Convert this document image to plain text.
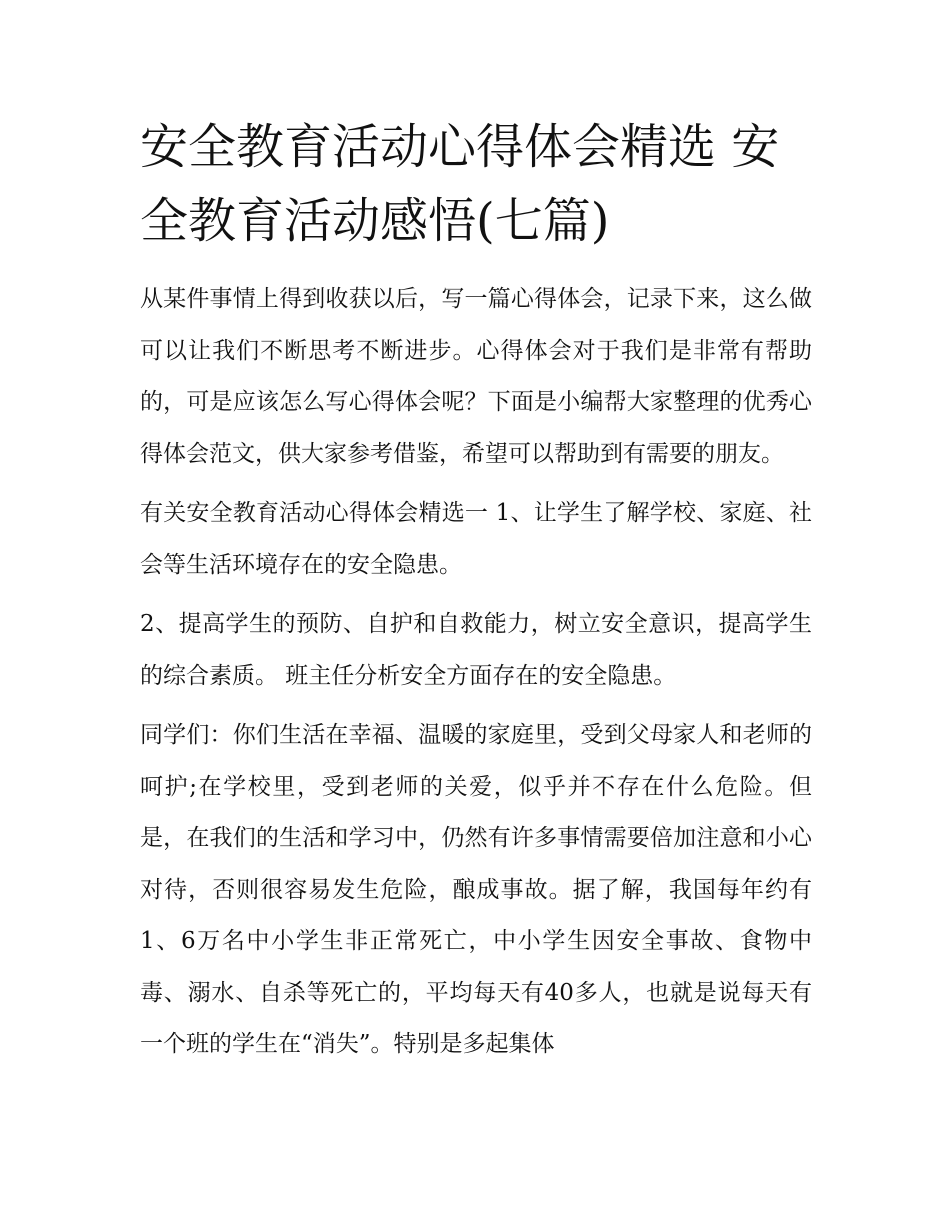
安全教育活动心得体会精选 安全教育活动感悟(七篇)

从某件事情上得到收获以后，写一篇心得体会，记录下来，这么做可以让我们不断思考不断进步。心得体会对于我们是非常有帮助的，可是应该怎么写心得体会呢？下面是小编帮大家整理的优秀心得体会范文，供大家参考借鉴，希望可以帮助到有需要的朋友。

有关安全教育活动心得体会精选一 1、让学生了解学校、家庭、社会等生活环境存在的安全隐患。

2、提高学生的预防、自护和自救能力，树立安全意识，提高学生的综合素质。 班主任分析安全方面存在的安全隐患。

同学们：你们生活在幸福、温暖的家庭里，受到父母家人和老师的呵护;在学校里，受到老师的关爱，似乎并不存在什么危险。但是，在我们的生活和学习中，仍然有许多事情需要倍加注意和小心对待，否则很容易发生危险，酿成事故。据了解，我国每年约有1、6万名中小学生非正常死亡，中小学生因安全事故、食物中毒、溺水、自杀等死亡的，平均每天有40多人，也就是说每天有一个班的学生在“消失”。特别是多起集体
